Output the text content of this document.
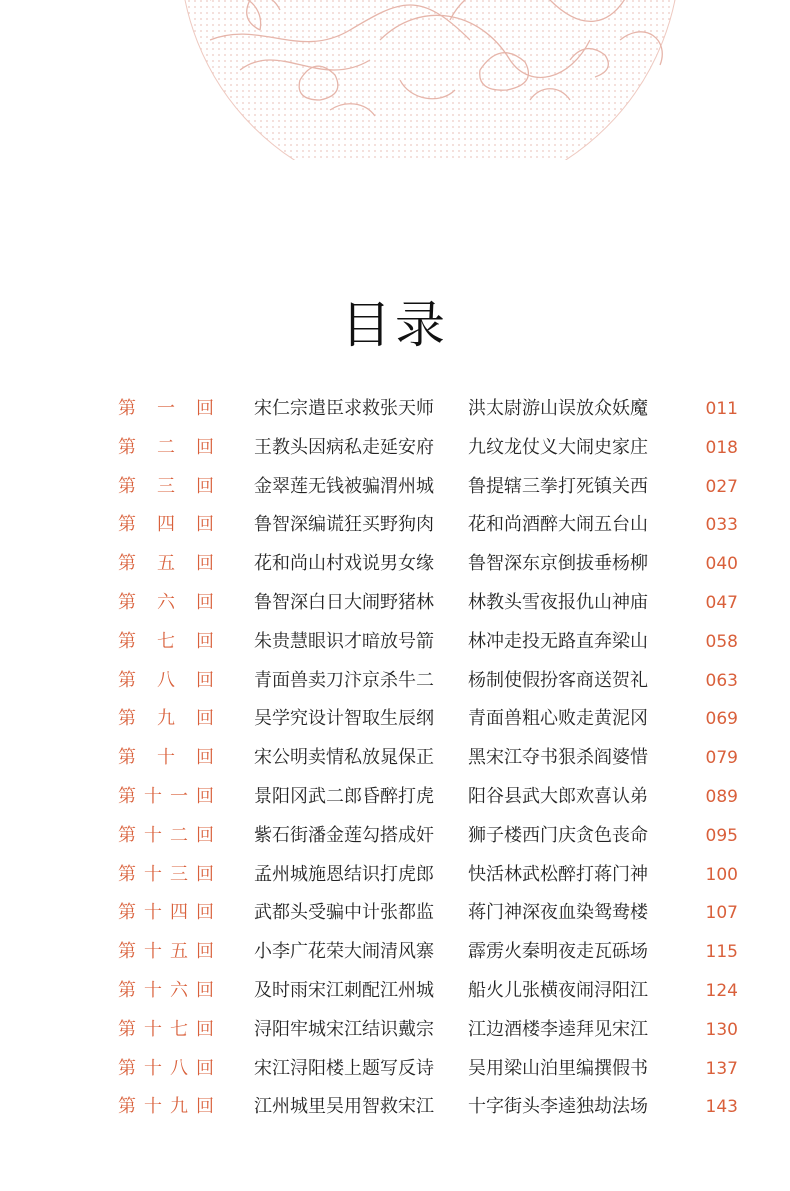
目录
第 一 回 宋仁宗遣臣求救张天师	洪太尉游山误放众妖魔	011
第 二 回 王教头因病私走延安府	九纹龙仗义大闹史家庄	018
第 三 回 金翠莲无钱被骗渭州城	鲁提辖三拳打死镇关西	027
第 四 回 鲁智深编谎狂买野狗肉	花和尚酒醉大闹五台山	033
第 五 回 花和尚山村戏说男女缘	鲁智深东京倒拔垂杨柳	040
第 六 回 鲁智深白日大闹野猪林	林教头雪夜报仇山神庙	047
第 七 回 朱贵慧眼识才暗放号箭	林冲走投无路直奔梁山	058
第 八 回 青面兽卖刀汴京杀牛二	杨制使假扮客商送贺礼	063
第 九 回 吴学究设计智取生辰纲	青面兽粗心败走黄泥冈	069
第 十 回 宋公明卖情私放晁保正	黑宋江夺书狠杀阎婆惜	079
第 十 一 回 景阳冈武二郎昏醉打虎	阳谷县武大郎欢喜认弟	089
第 十 二 回 紫石街潘金莲勾搭成奸	狮子楼西门庆贪色丧命	095
第 十 三 回 孟州城施恩结识打虎郎	快活林武松醉打蒋门神	100
第 十 四 回 武都头受骗中计张都监	蒋门神深夜血染鸳鸯楼	107
第 十 五 回 小李广花荣大闹清风寨	霹雳火秦明夜走瓦砾场	115
第 十 六 回 及时雨宋江刺配江州城	船火儿张横夜闹浔阳江	124
第 十 七 回 浔阳牢城宋江结识戴宗	江边酒楼李逵拜见宋江	130
第 十 八 回 宋江浔阳楼上题写反诗	吴用梁山泊里编撰假书	137
第 十 九 回 江州城里吴用智救宋江	十字街头李逵独劫法场	143
